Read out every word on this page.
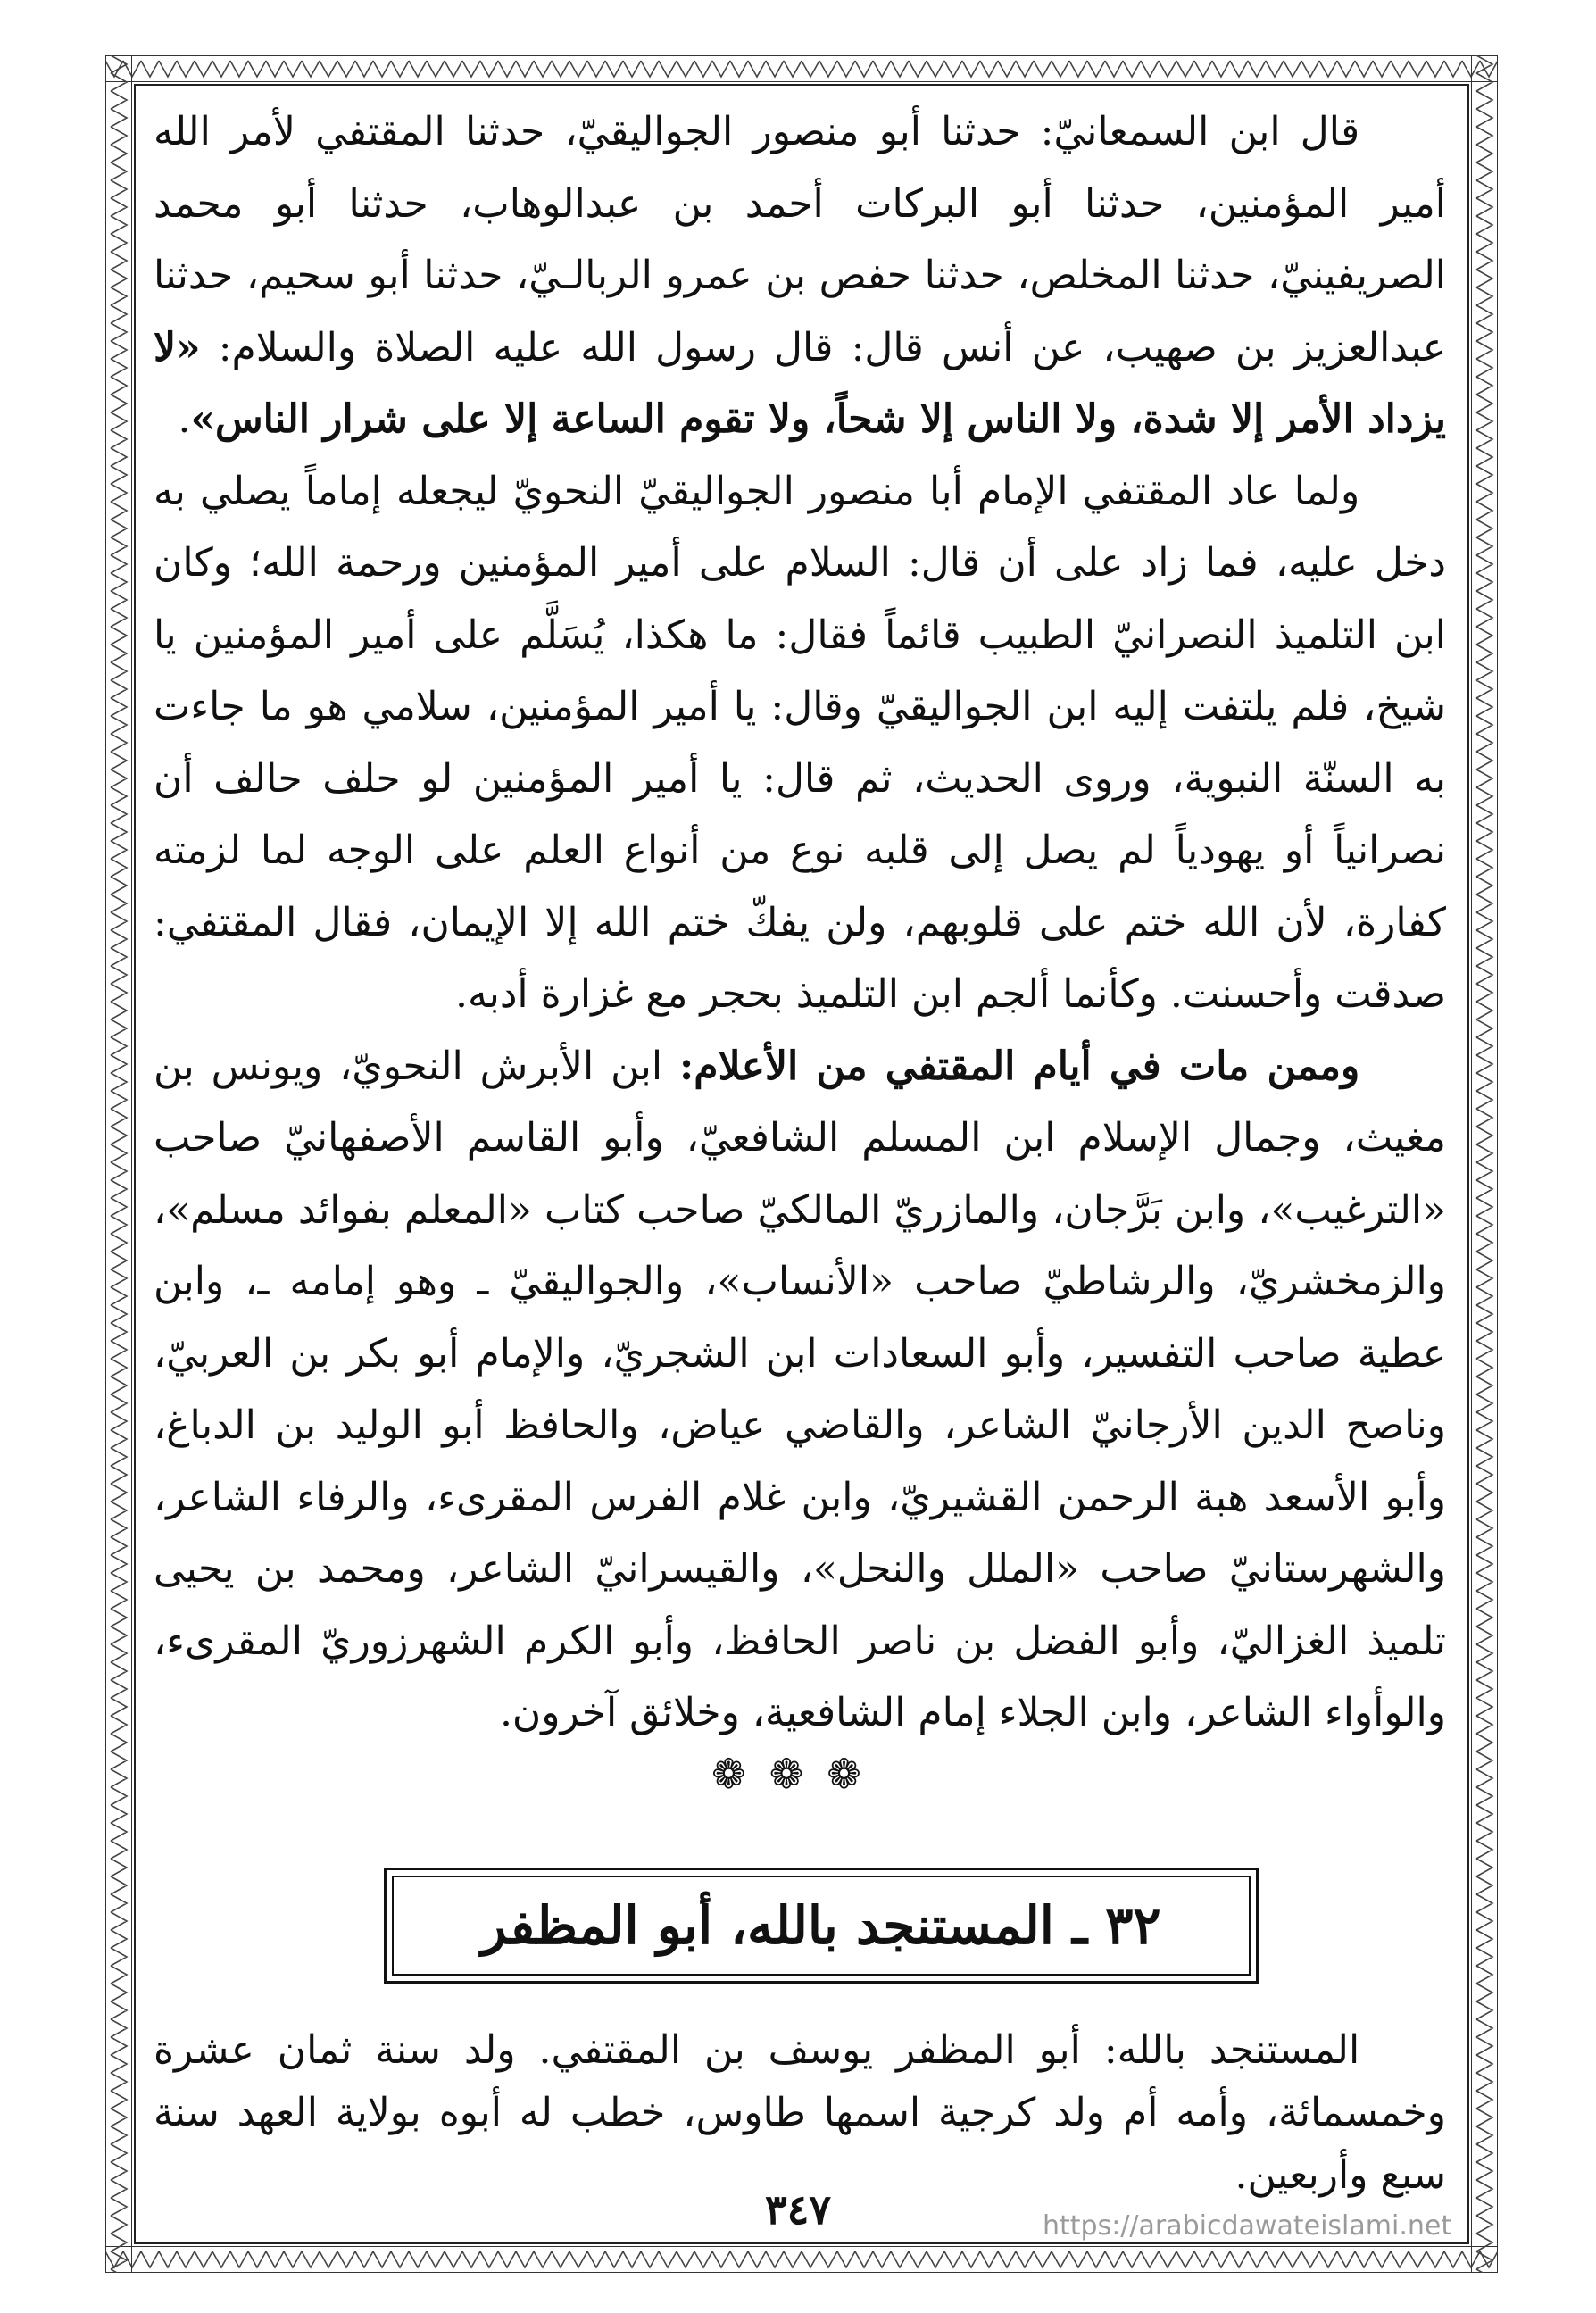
قال ابن السمعانيّ: حدثنا أبو منصور الجواليقيّ، حدثنا المقتفي لأمر الله أمير المؤمنين، حدثنا أبو البركات أحمد بن عبدالوهاب، حدثنا أبو محمد الصريفينيّ، حدثنا المخلص، حدثنا حفص بن عمرو الربالـيّ، حدثنا أبو سحيم، حدثنا عبدالعزيز بن صهيب، عن أنس قال: قال رسول الله عليه الصلاة والسلام: «لا يزداد الأمر إلا شدة، ولا الناس إلا شحاً، ولا تقوم الساعة إلا على شرار الناس».

ولما عاد المقتفي الإمام أبا منصور الجواليقيّ النحويّ ليجعله إماماً يصلي به دخل عليه، فما زاد على أن قال: السلام على أمير المؤمنين ورحمة الله؛ وكان ابن التلميذ النصرانيّ الطبيب قائماً فقال: ما هكذا، يُسَلَّم على أمير المؤمنين يا شيخ، فلم يلتفت إليه ابن الجواليقيّ وقال: يا أمير المؤمنين، سلامي هو ما جاءت به السنّة النبوية، وروى الحديث، ثم قال: يا أمير المؤمنين لو حلف حالف أن نصرانياً أو يهودياً لم يصل إلى قلبه نوع من أنواع العلم على الوجه لما لزمته كفارة، لأن الله ختم على قلوبهم، ولن يفكّ ختم الله إلا الإيمان، فقال المقتفي: صدقت وأحسنت. وكأنما ألجم ابن التلميذ بحجر مع غزارة أدبه.

وممن مات في أيام المقتفي من الأعلام: ابن الأبرش النحويّ، ويونس بن مغيث، وجمال الإسلام ابن المسلم الشافعيّ، وأبو القاسم الأصفهانيّ صاحب «الترغيب»، وابن بَرَّجان، والمازريّ المالكيّ صاحب كتاب «المعلم بفوائد مسلم»، والزمخشريّ، والرشاطيّ صاحب «الأنساب»، والجواليقيّ ـ وهو إمامه ـ، وابن عطية صاحب التفسير، وأبو السعادات ابن الشجريّ، والإمام أبو بكر بن العربيّ، وناصح الدين الأرجانيّ الشاعر، والقاضي عياض، والحافظ أبو الوليد بن الدباغ، وأبو الأسعد هبة الرحمن القشيريّ، وابن غلام الفرس المقرىء، والرفاء الشاعر، والشهرستانيّ صاحب «الملل والنحل»، والقيسرانيّ الشاعر، ومحمد بن يحيى تلميذ الغزاليّ، وأبو الفضل بن ناصر الحافظ، وأبو الكرم الشهرزوريّ المقرىء، والوأواء الشاعر، وابن الجلاء إمام الشافعية، وخلائق آخرون.

❁❁❁
٣٢ ـ المستنجد بالله، أبو المظفر

المستنجد بالله: أبو المظفر يوسف بن المقتفي. ولد سنة ثمان عشرة وخمسمائة، وأمه أم ولد كرجية اسمها طاوس، خطب له أبوه بولاية العهد سنة سبع وأربعين.

٣٤٧	https://arabicdawateislami.net
